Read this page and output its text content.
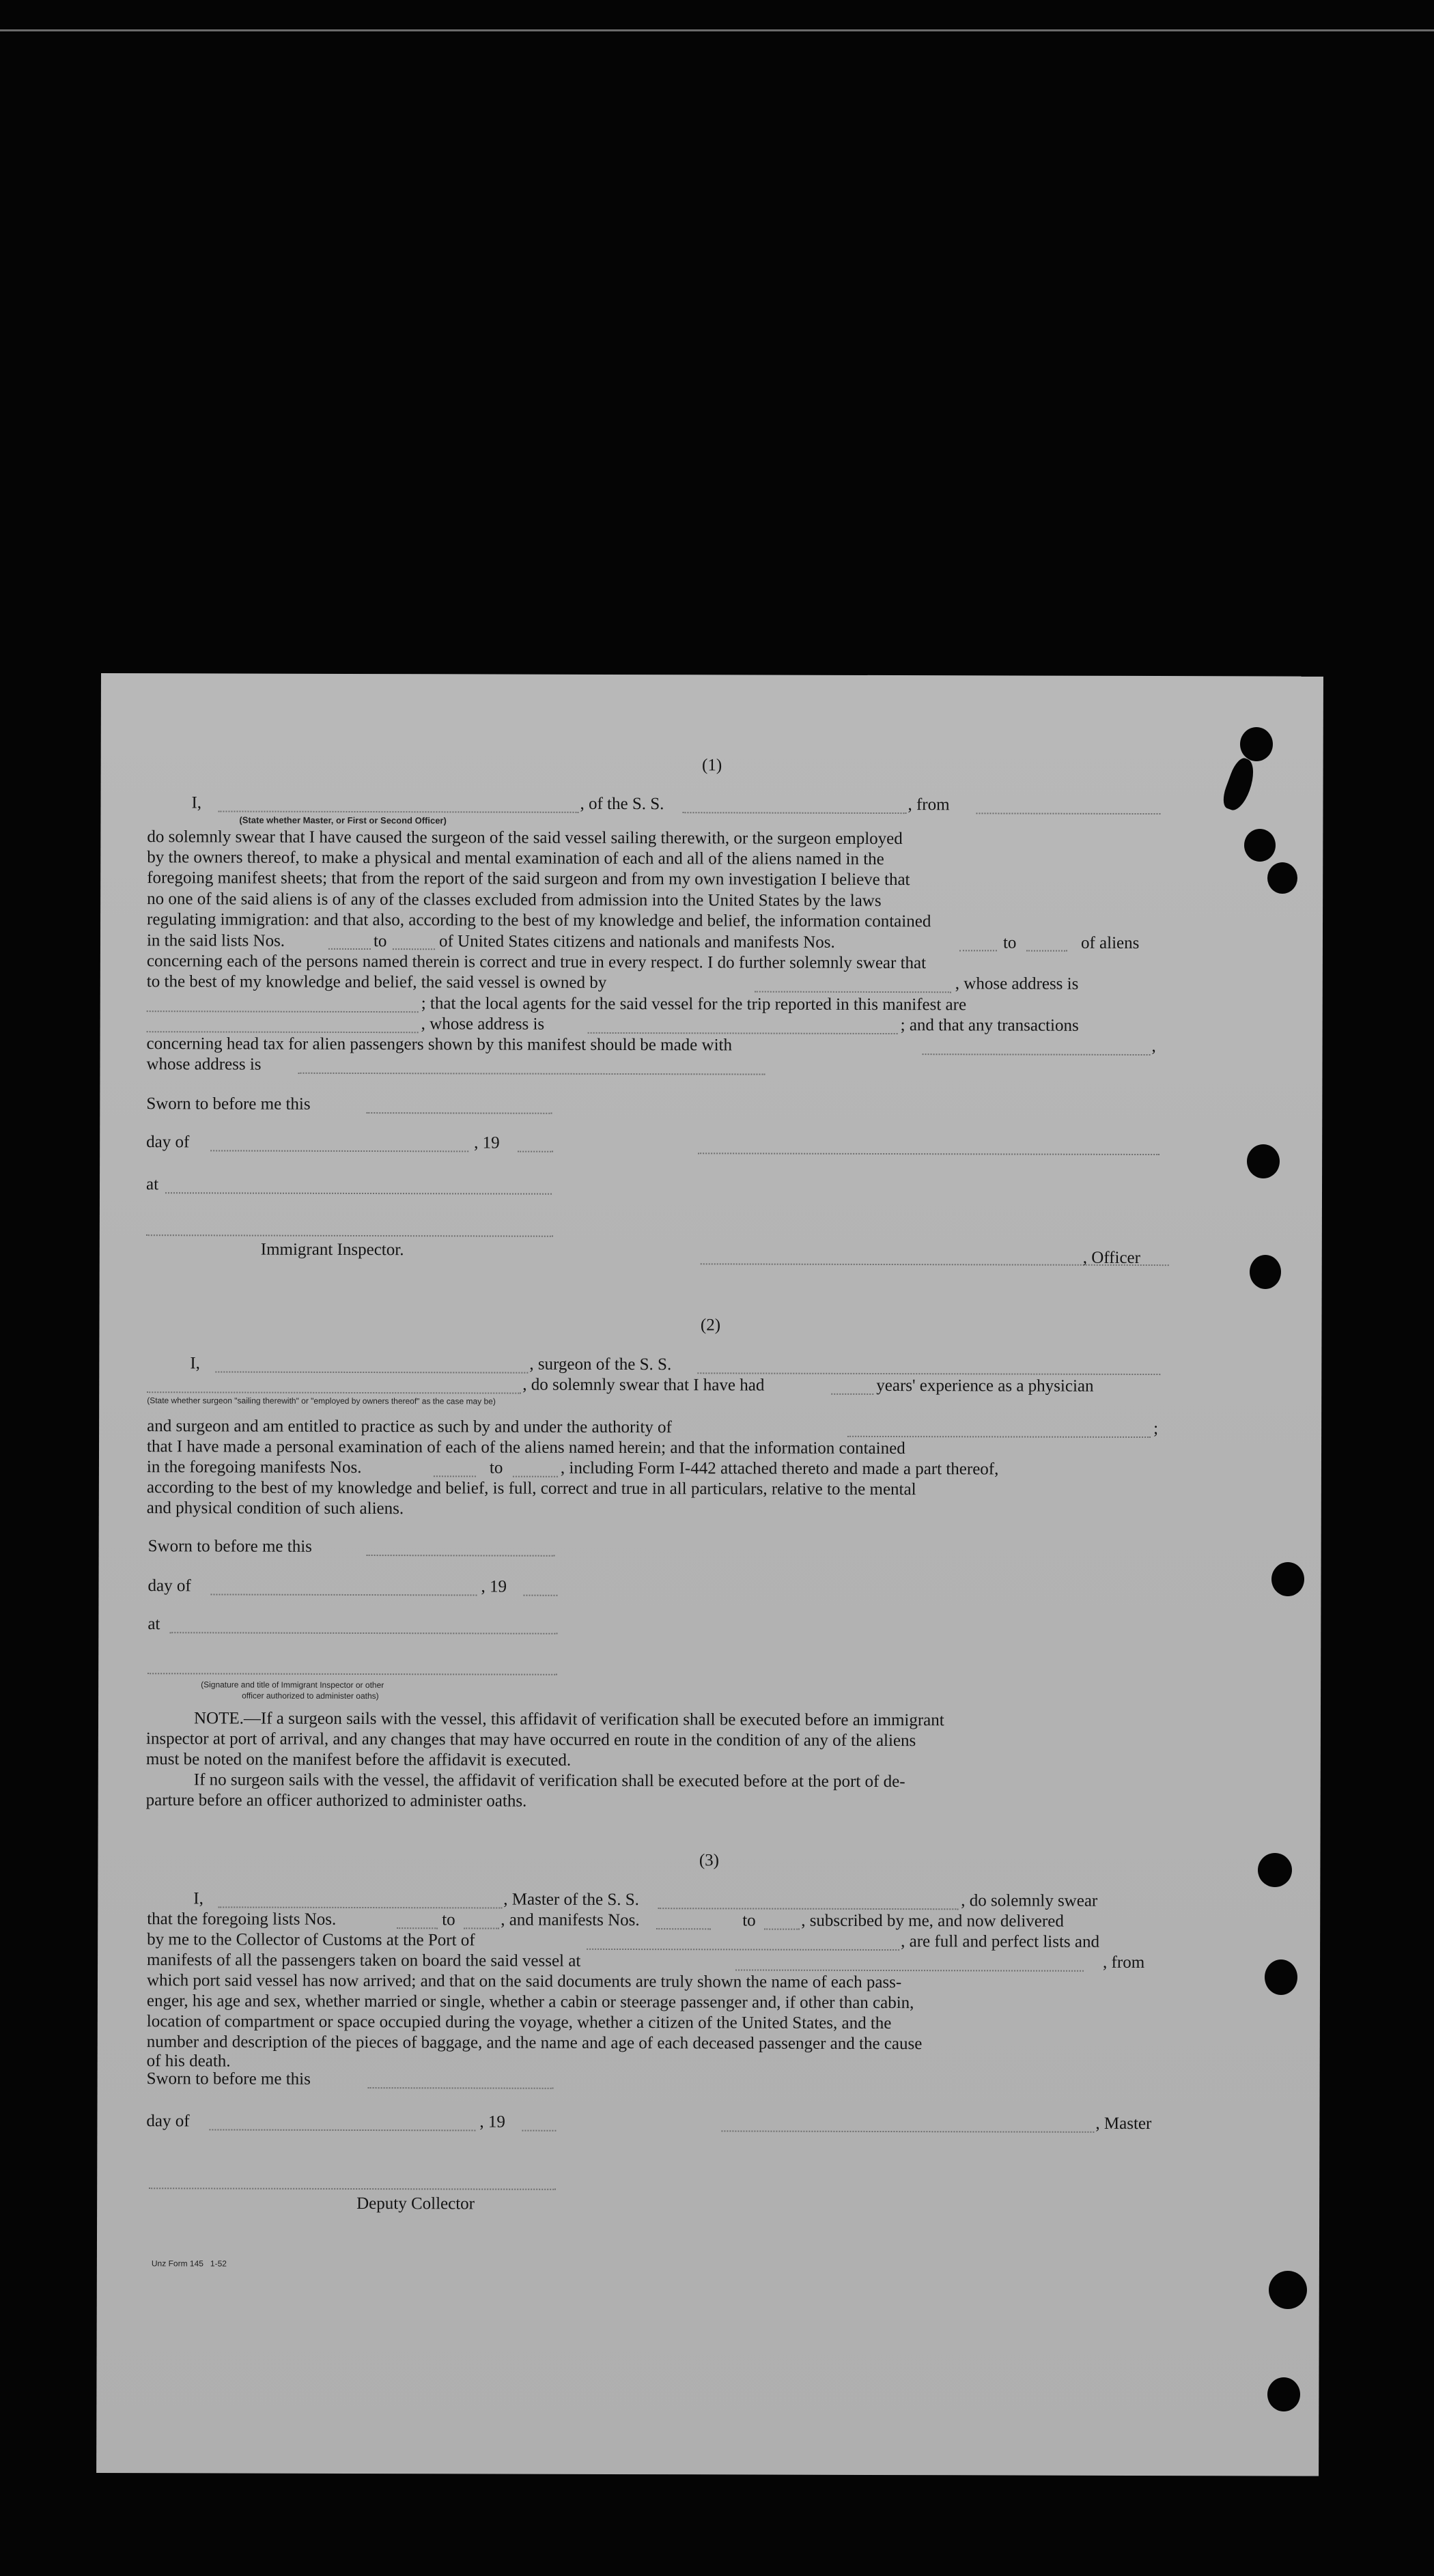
(1)
I,	, of the S. S.	, from
(State whether Master, or First or Second Officer)
do solemnly swear that I have caused the surgeon of the said vessel sailing therewith, or the surgeon employed
by the owners thereof, to make a physical and mental examination of each and all of the aliens named in the
foregoing manifest sheets; that from the report of the said surgeon and from my own investigation I believe that
no one of the said aliens is of any of the classes excluded from admission into the United States by the laws
regulating immigration: and that also, according to the best of my knowledge and belief, the information contained
in the said lists Nos.	to	of United States citizens and nationals and manifests Nos.	to	of aliens
concerning each of the persons named therein is correct and true in every respect. I do further solemnly swear that
to the best of my knowledge and belief, the said vessel is owned by	, whose address is
; that the local agents for the said vessel for the trip reported in this manifest are
, whose address is	; and that any transactions
concerning head tax for alien passengers shown by this manifest should be made with	,
whose address is
Sworn to before me this
day of	, 19
at
Immigrant Inspector.	, Officer
(2)
I,	, surgeon of the S. S.
, do solemnly swear that I have had	years' experience as a physician
(State whether surgeon "sailing therewith" or "employed by owners thereof" as the case may be)
and surgeon and am entitled to practice as such by and under the authority of	;
that I have made a personal examination of each of the aliens named herein; and that the information contained
in the foregoing manifests Nos.	to	, including Form I-442 attached thereto and made a part thereof,
according to the best of my knowledge and belief, is full, correct and true in all particulars, relative to the mental
and physical condition of such aliens.
Sworn to before me this
day of	, 19
at
(Signature and title of Immigrant Inspector or other
officer authorized to administer oaths)
NOTE.—If a surgeon sails with the vessel, this affidavit of verification shall be executed before an immigrant
inspector at port of arrival, and any changes that may have occurred en route in the condition of any of the aliens
must be noted on the manifest before the affidavit is executed.
If no surgeon sails with the vessel, the affidavit of verification shall be executed before at the port of de-
parture before an officer authorized to administer oaths.
(3)
I,	, Master of the S. S.	, do solemnly swear
that the foregoing lists Nos.	to	, and manifests Nos.	to	, subscribed by me, and now delivered
by me to the Collector of Customs at the Port of	, are full and perfect lists and
manifests of all the passengers taken on board the said vessel at	, from
which port said vessel has now arrived; and that on the said documents are truly shown the name of each pass-
enger, his age and sex, whether married or single, whether a cabin or steerage passenger and, if other than cabin,
location of compartment or space occupied during the voyage, whether a citizen of the United States, and the
number and description of the pieces of baggage, and the name and age of each deceased passenger and the cause
of his death.
Sworn to before me this
day of	, 19	, Master
Deputy Collector
Unz Form 145   1-52
